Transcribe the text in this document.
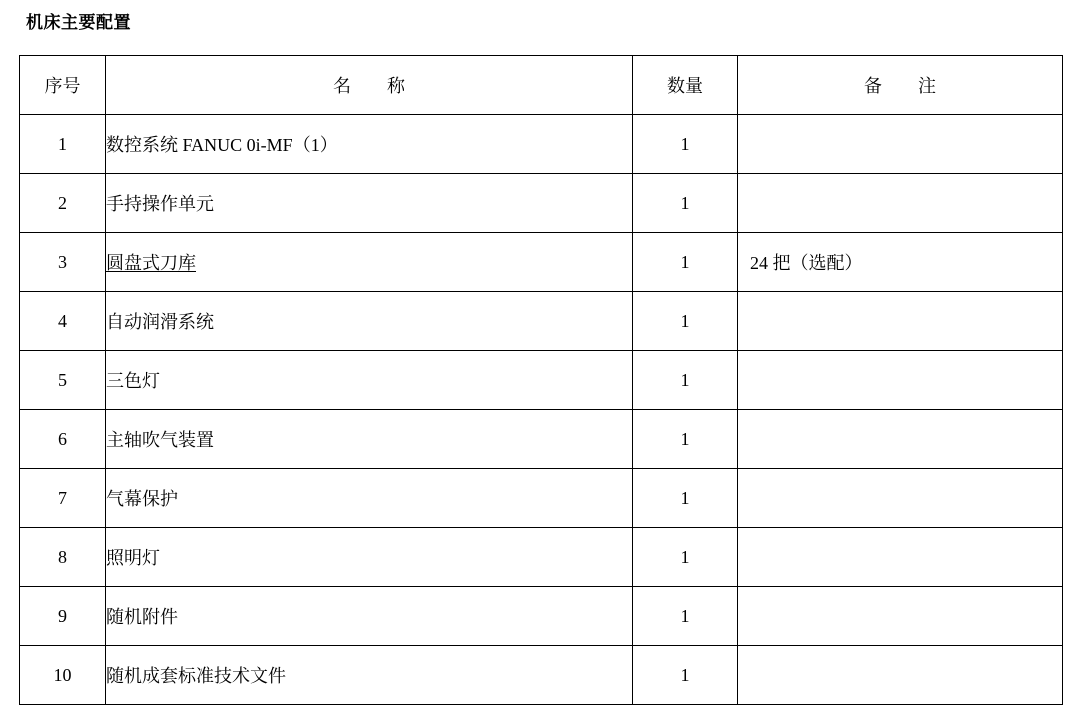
机床主要配置
序号	名　称	数量	备　注

1	数控系统 FANUC 0i-MF（1）	1	
2	手持操作单元	1	
3	圆盘式刀库	1	24 把（选配）
4	自动润滑系统	1	
5	三色灯	1	
6	主轴吹气装置	1	
7	气幕保护	1	
8	照明灯	1	
9	随机附件	1	
10	随机成套标准技术文件	1	
